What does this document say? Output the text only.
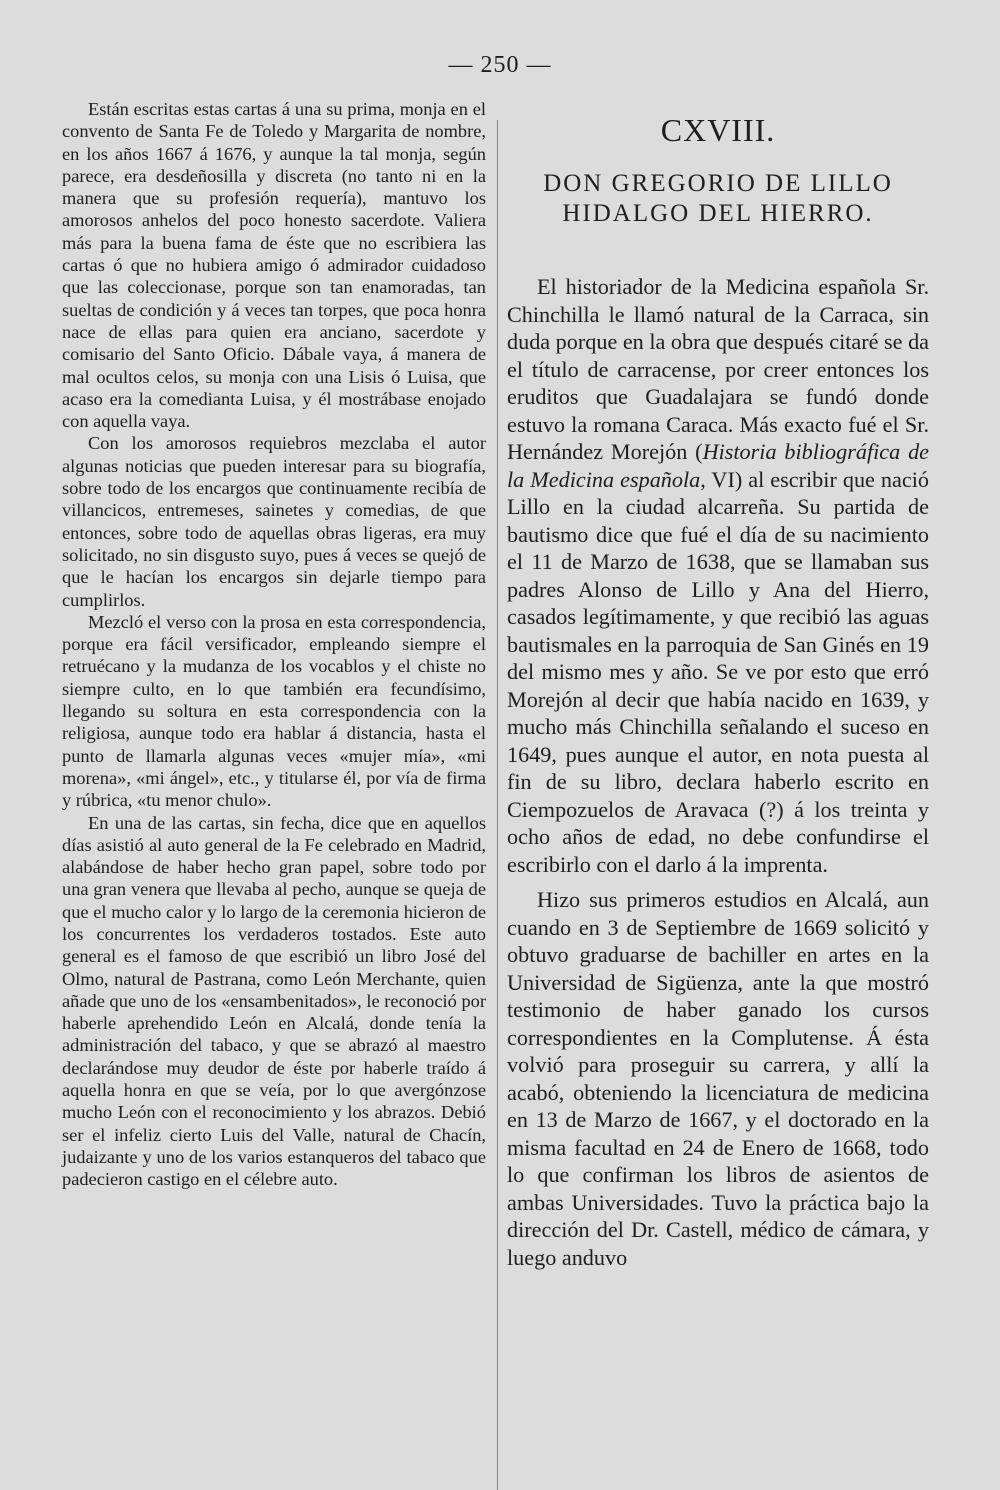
— 250 —

Están escritas estas cartas á una su prima, monja en el convento de Santa Fe de Toledo y Margarita de nombre, en los años 1667 á 1676, y aunque la tal monja, según parece, era desdeñosilla y discreta (no tanto ni en la manera que su profesión requería), mantuvo los amorosos anhelos del poco honesto sacerdote. Valiera más para la buena fama de éste que no escribiera las cartas ó que no hubiera amigo ó admirador cuidadoso que las coleccionase, porque son tan enamoradas, tan sueltas de condición y á veces tan torpes, que poca honra nace de ellas para quien era anciano, sacerdote y comisario del Santo Oficio. Dábale vaya, á manera de mal ocultos celos, su monja con una Lisis ó Luisa, que acaso era la comedianta Luisa, y él mostrábase enojado con aquella vaya.

Con los amorosos requiebros mezclaba el autor algunas noticias que pueden interesar para su biografía, sobre todo de los encargos que continuamente recibía de villancicos, entremeses, sainetes y comedias, de que entonces, sobre todo de aquellas obras ligeras, era muy solicitado, no sin disgusto suyo, pues á veces se quejó de que le hacían los encargos sin dejarle tiempo para cumplirlos.

Mezcló el verso con la prosa en esta correspondencia, porque era fácil versificador, empleando siempre el retruécano y la mudanza de los vocablos y el chiste no siempre culto, en lo que también era fecundísimo, llegando su soltura en esta correspondencia con la religiosa, aunque todo era hablar á distancia, hasta el punto de llamarla algunas veces «mujer mía», «mi morena», «mi ángel», etc., y titularse él, por vía de firma y rúbrica, «tu menor chulo».

En una de las cartas, sin fecha, dice que en aquellos días asistió al auto general de la Fe celebrado en Madrid, alabándose de haber hecho gran papel, sobre todo por una gran venera que llevaba al pecho, aunque se queja de que el mucho calor y lo largo de la ceremonia hicieron de los concurrentes los verdaderos tostados. Este auto general es el famoso de que escribió un libro José del Olmo, natural de Pastrana, como León Merchante, quien añade que uno de los «ensambenitados», le reconoció por haberle aprehendido León en Alcalá, donde tenía la administración del tabaco, y que se abrazó al maestro declarándose muy deudor de éste por haberle traído á aquella honra en que se veía, por lo que avergónzose mucho León con el reconocimiento y los abrazos. Debió ser el infeliz cierto Luis del Valle, natural de Chacín, judaizante y uno de los varios estanqueros del tabaco que padecieron castigo en el célebre auto.

CXVIII.
DON GREGORIO DE LILLO
HIDALGO DEL HIERRO.

El historiador de la Medicina española Sr. Chinchilla le llamó natural de la Carraca, sin duda porque en la obra que después citaré se da el título de carracense, por creer entonces los eruditos que Guadalajara se fundó donde estuvo la romana Caraca. Más exacto fué el Sr. Hernández Morejón (Historia bibliográfica de la Medicina española, VI) al escribir que nació Lillo en la ciudad alcarreña. Su partida de bautismo dice que fué el día de su nacimiento el 11 de Marzo de 1638, que se llamaban sus padres Alonso de Lillo y Ana del Hierro, casados legítimamente, y que recibió las aguas bautismales en la parroquia de San Ginés en 19 del mismo mes y año. Se ve por esto que erró Morejón al decir que había nacido en 1639, y mucho más Chinchilla señalando el suceso en 1649, pues aunque el autor, en nota puesta al fin de su libro, declara haberlo escrito en Ciempozuelos de Aravaca (?) á los treinta y ocho años de edad, no debe confundirse el escribirlo con el darlo á la imprenta.

Hizo sus primeros estudios en Alcalá, aun cuando en 3 de Septiembre de 1669 solicitó y obtuvo graduarse de bachiller en artes en la Universidad de Sigüenza, ante la que mostró testimonio de haber ganado los cursos correspondientes en la Complutense. Á ésta volvió para proseguir su carrera, y allí la acabó, obteniendo la licenciatura de medicina en 13 de Marzo de 1667, y el doctorado en la misma facultad en 24 de Enero de 1668, todo lo que confirman los libros de asientos de ambas Universidades. Tuvo la práctica bajo la dirección del Dr. Castell, médico de cámara, y luego anduvo
